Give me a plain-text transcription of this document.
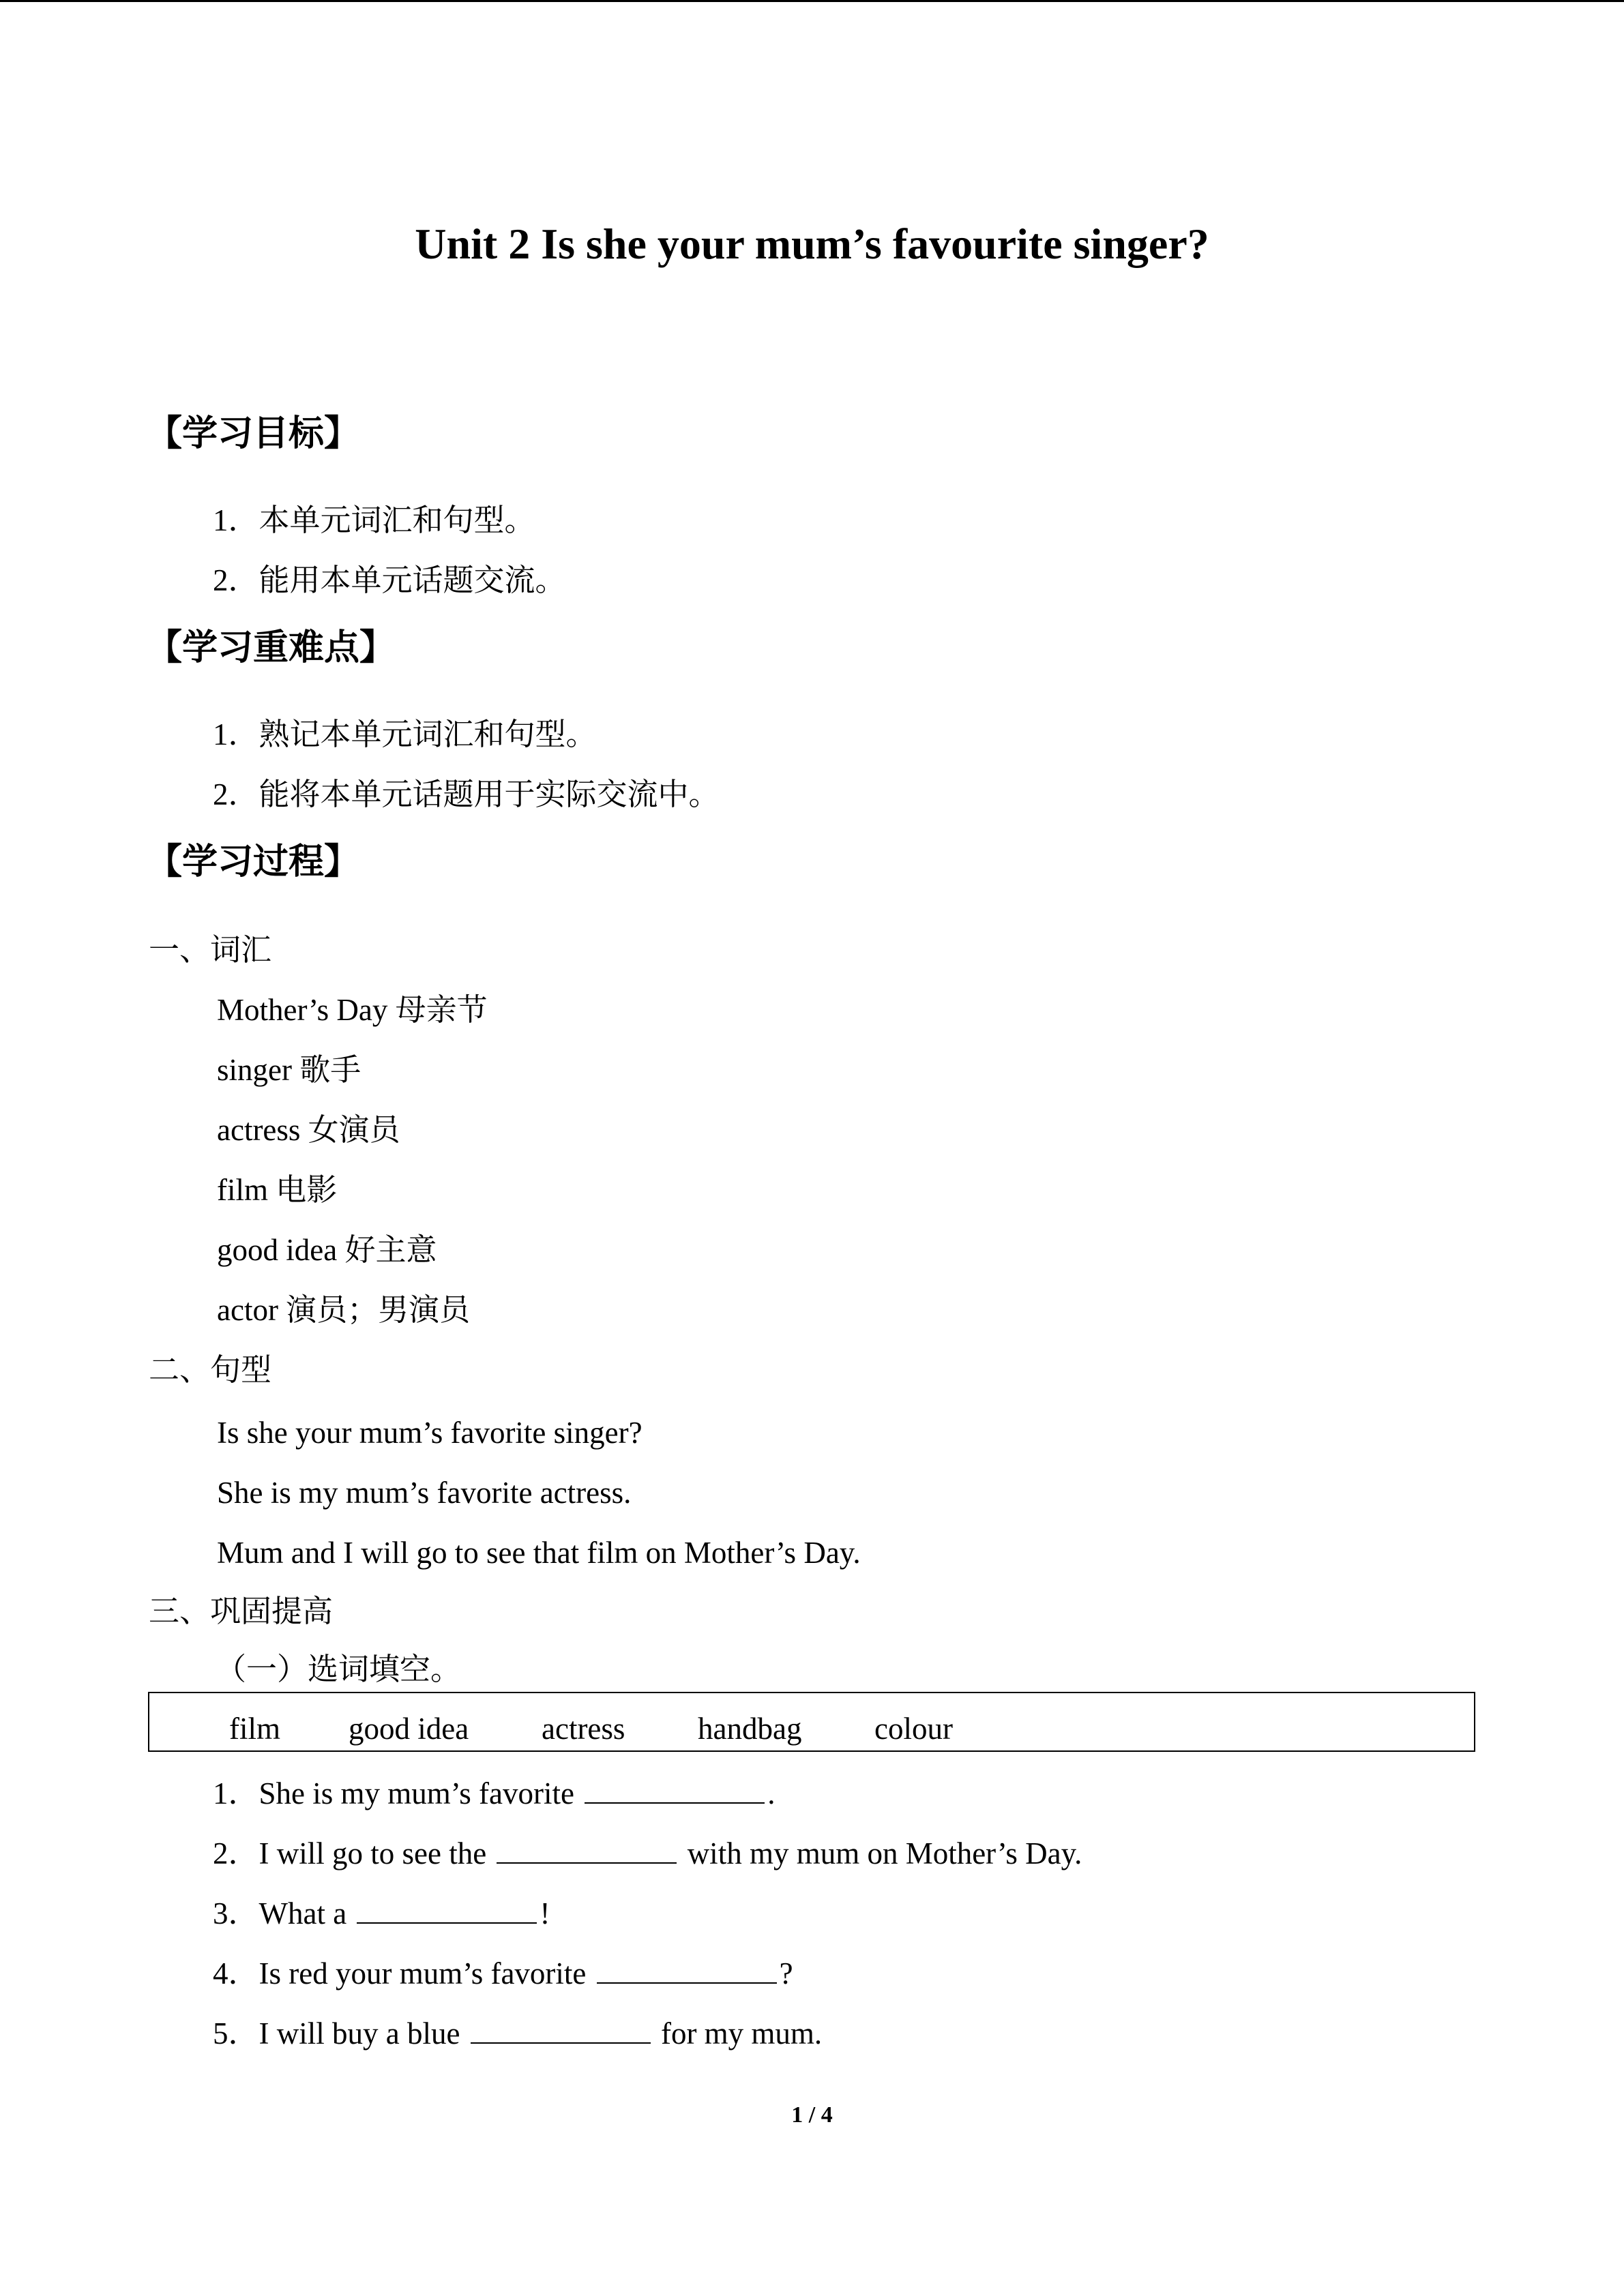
Unit 2 Is she your mum’s favourite singer?
【学习目标】
1．本单元词汇和句型。
2．能用本单元话题交流。
【学习重难点】
1．熟记本单元词汇和句型。
2．能将本单元话题用于实际交流中。
【学习过程】
一、词汇
Mother’s Day 母亲节
singer 歌手
actress 女演员
film 电影
good idea 好主意
actor 演员；男演员
二、句型
Is she your mum’s favorite singer?
She is my mum’s favorite actress.
Mum and I will go to see that film on Mother’s Day.
三、巩固提高
（一）选词填空。
film good idea actress handbag colour
1．She is my mum’s favorite	.
2．I will go to see the	with my mum on Mother’s Day.
3．What a	!
4．Is red your mum’s favorite	?
5．I will buy a blue	for my mum.
1 / 4
